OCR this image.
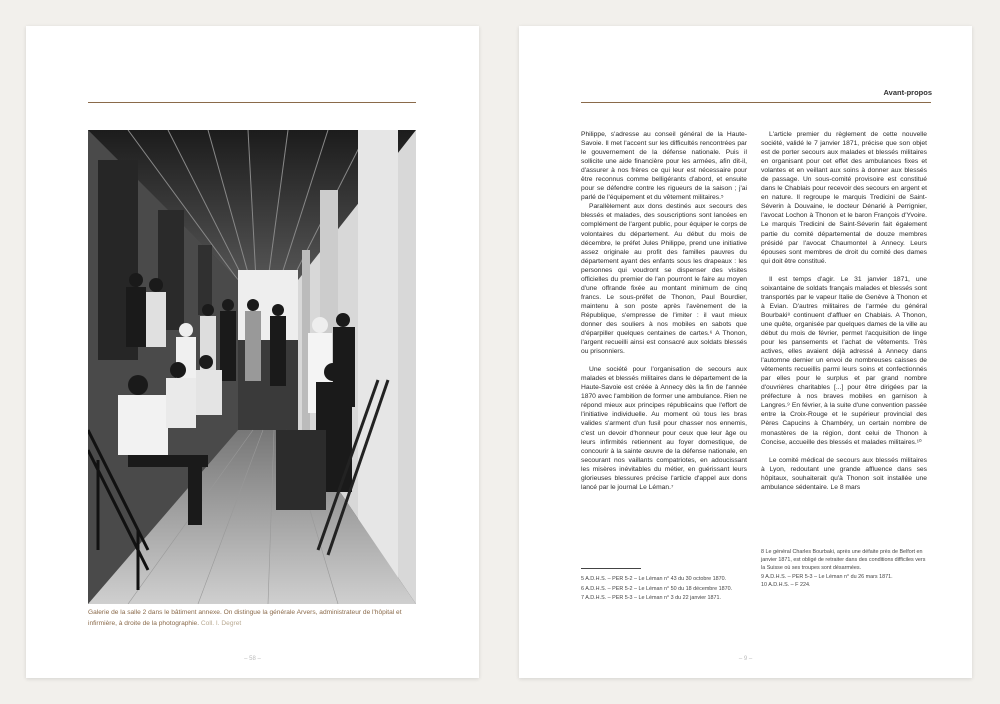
Galerie de la salle 2 dans le bâtiment annexe. On distingue la générale Arvers, administrateur de l'hôpital et infirmière, à droite de la photographie. Coll. I. Degret
– 58 –
Avant-propos

Philippe, s'adresse au conseil général de la Haute-Savoie. Il met l'accent sur les difficultés rencontrées par le gouvernement de la défense nationale. Puis il sollicite une aide financière pour les armées, afin dit-il, d'assurer à nos frères ce qui leur est nécessaire pour être reconnus comme belligérants d'abord, et ensuite pour se défendre contre les rigueurs de la saison ; j'ai parlé de l'équipement et du vêtement militaires.⁵

Parallèlement aux dons destinés aux secours des blessés et malades, des souscriptions sont lancées en complément de l'argent public, pour équiper le corps de volontaires du département. Au début du mois de décembre, le préfet Jules Philippe, prend une initiative assez originale au profit des familles pauvres du département ayant des enfants sous les drapeaux : les personnes qui voudront se dispenser des visites officielles du premier de l'an pourront le faire au moyen d'une offrande fixée au montant minimum de cinq francs. Le sous-préfet de Thonon, Paul Bourdier, maintenu à son poste après l'avènement de la République, s'empresse de l'imiter : il vaut mieux donner des souliers à nos mobiles en sabots que d'éparpiller quelques centaines de cartes.⁶ A Thonon, l'argent recueilli ainsi est consacré aux soldats blessés ou prisonniers.

Une société pour l'organisation de secours aux malades et blessés militaires dans le département de la Haute-Savoie est créée à Annecy dès la fin de l'année 1870 avec l'ambition de former une ambulance. Rien ne répond mieux aux principes républicains que l'effort de l'initiative individuelle. Au moment où tous les bras valides s'arment d'un fusil pour chasser nos ennemis, c'est un devoir d'honneur pour ceux que leur âge ou leurs infirmités retiennent au foyer domestique, de concourir à la sainte œuvre de la défense nationale, en secourant nos vaillants compatriotes, en adoucissant les misères inévitables du métier, en guérissant leurs glorieuses blessures précise l'article d'appel aux dons lancé par le journal Le Léman.⁷

L'article premier du règlement de cette nouvelle société, validé le 7 janvier 1871, précise que son objet est de porter secours aux malades et blessés militaires en organisant pour cet effet des ambulances fixes et volantes et en veillant aux soins à donner aux blessés de passage. Un sous-comité provisoire est constitué dans le Chablais pour recevoir des secours en argent et en nature. Il regroupe le marquis Tredicini de Saint-Séverin à Douvaine, le docteur Dénarié à Perrignier, l'avocat Lochon à Thonon et le baron François d'Yvoire. Le marquis Tredicini de Saint-Séverin fait également partie du comité départemental de douze membres présidé par l'avocat Chaumontel à Annecy. Leurs épouses sont membres de droit du comité des dames qui doit être constitué.

Il est temps d'agir. Le 31 janvier 1871, une soixantaine de soldats français malades et blessés sont transportés par le vapeur Italie de Genève à Thonon et à Evian. D'autres militaires de l'armée du général Bourbaki⁸ continuent d'affluer en Chablais. A Thonon, une quête, organisée par quelques dames de la ville au début du mois de février, permet l'acquisition de linge pour les pansements et l'achat de vêtements. Très actives, elles avaient déjà adressé à Annecy dans l'automne dernier un envoi de nombreuses caisses de vêtements recueillis parmi leurs soins et confectionnés par elles pour le surplus et par grand nombre d'ouvrières charitables [...] pour être dirigées par la préfecture à nos braves mobiles en garnison à Langres.⁹ En février, à la suite d'une convention passée entre la Croix-Rouge et le supérieur provincial des Pères Capucins à Chambéry, un certain nombre de monastères de la région, dont celui de Thonon à Concise, accueille des blessés et malades militaires.¹⁰

Le comité médical de secours aux blessés militaires à Lyon, redoutant une grande affluence dans ses hôpitaux, souhaiterait qu'à Thonon soit installée une ambulance sédentaire. Le 8 mars

5 A.D.H.S. – PER 5-2 – Le Léman n° 43 du 30 octobre 1870.
6 A.D.H.S. – PER 5-2 – Le Léman n° 50 du 18 décembre 1870.
7 A.D.H.S. – PER 5-3 – Le Léman n° 3 du 22 janvier 1871.
8 Le général Charles Bourbaki, après une défaite près de Belfort en janvier 1871, est obligé de retraiter dans des conditions difficiles vers la Suisse où ses troupes sont désarmées.
9 A.D.H.S. – PER 5-3 – Le Léman n° du 26 mars 1871.
10 A.D.H.S. – F 224.
– 9 –
